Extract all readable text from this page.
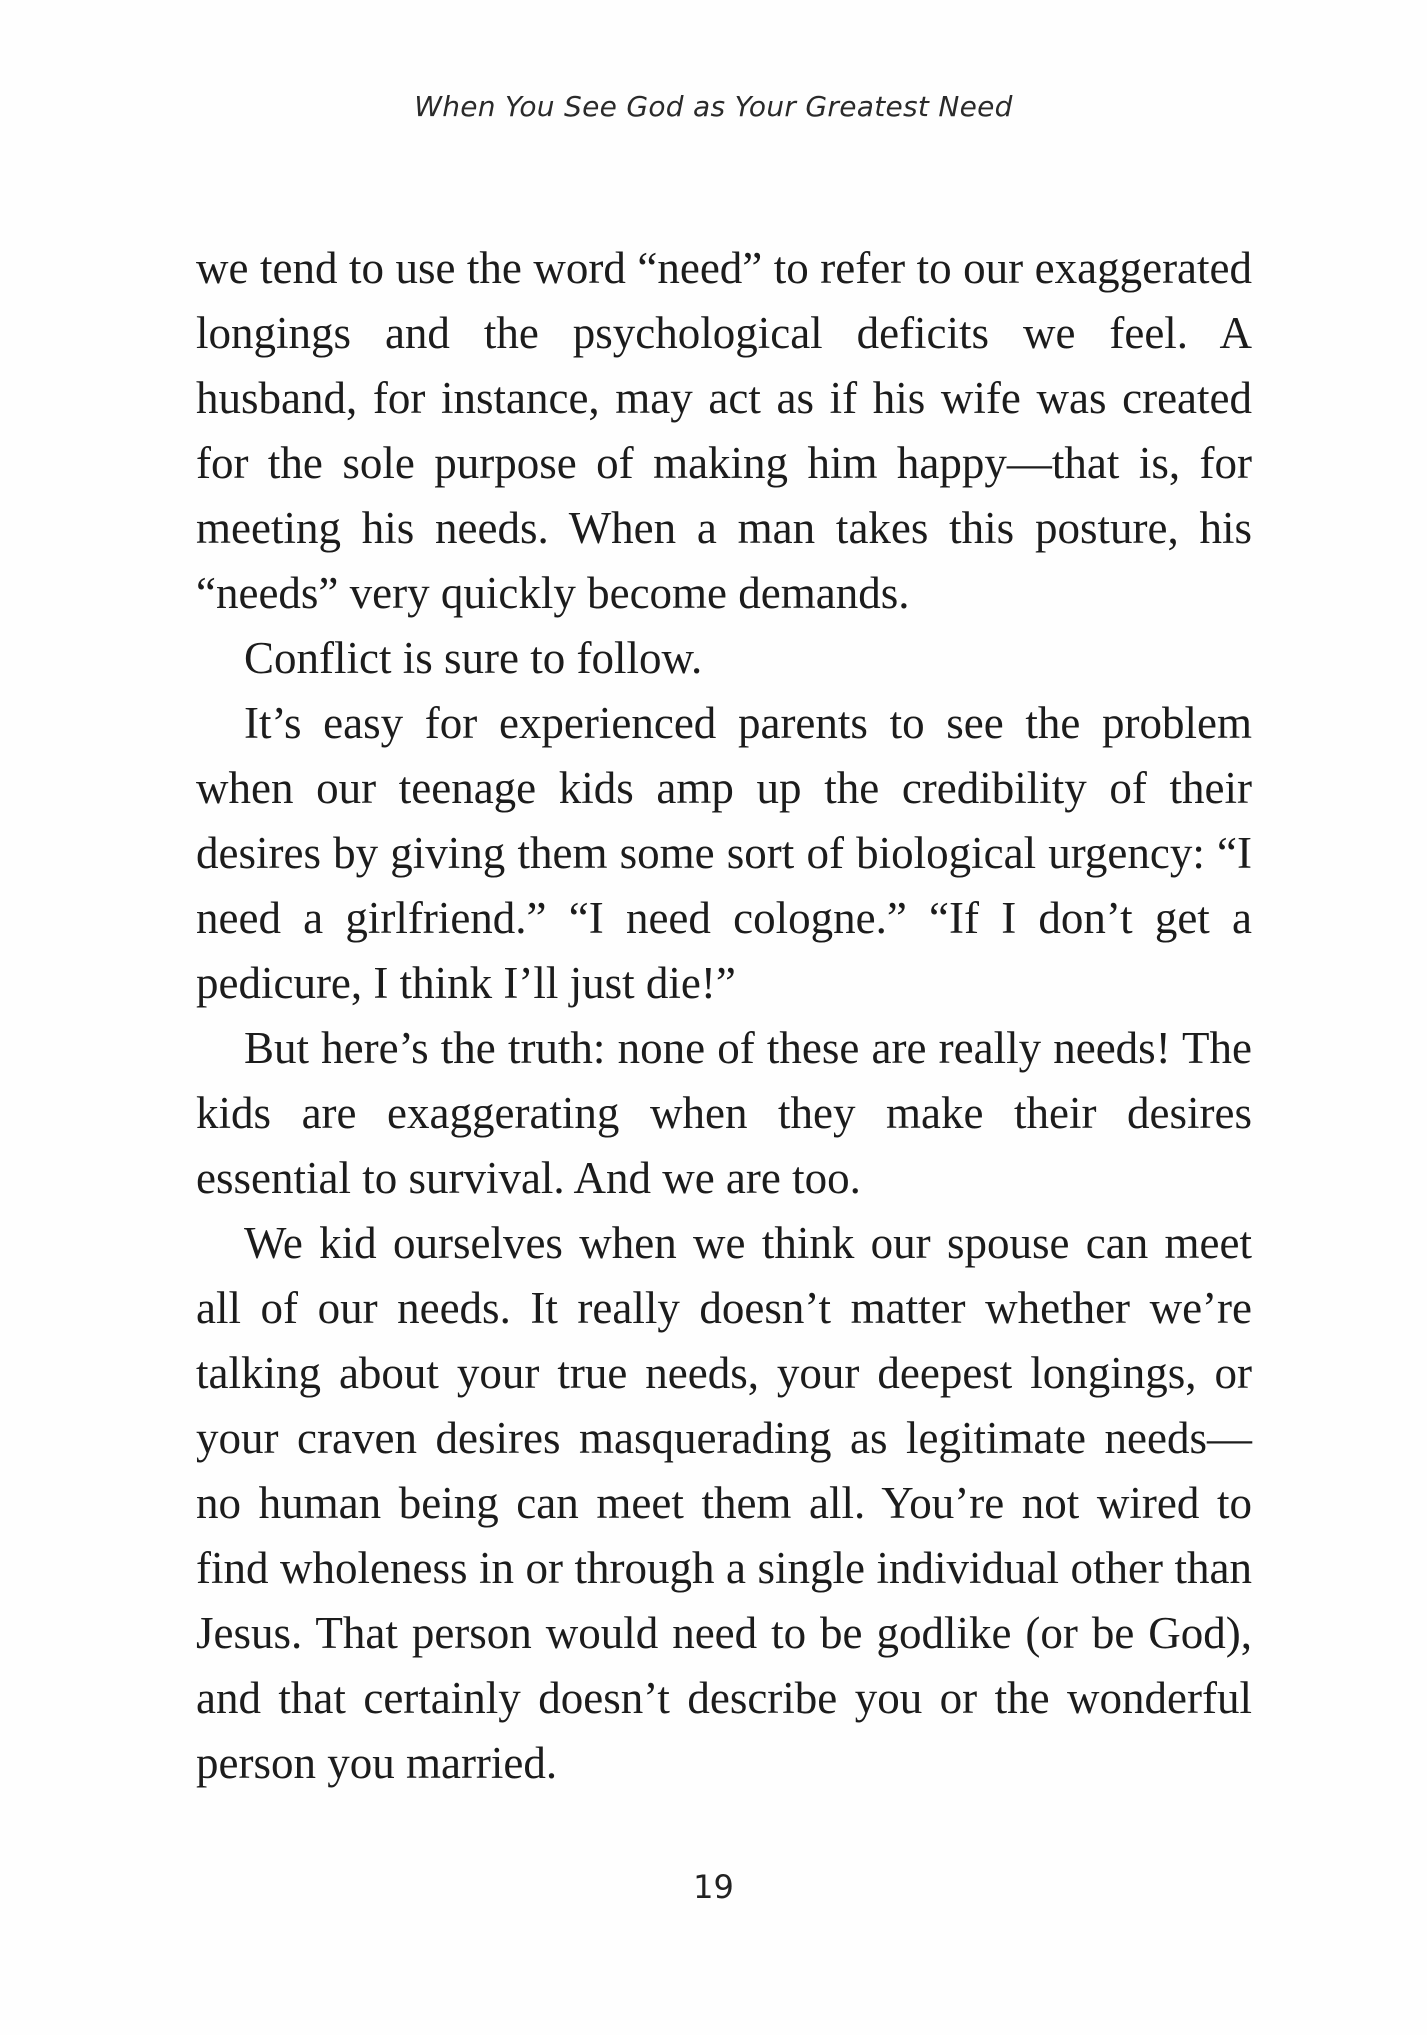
When You See God as Your Greatest Need

we tend to use the word “need” to refer to our exaggerated longings and the psychological deficits we feel. A husband, for instance, may act as if his wife was created for the sole purpose of making him happy—that is, for meeting his needs. When a man takes this posture, his “needs” very quickly become demands.

Conflict is sure to follow.

It’s easy for experienced parents to see the problem when our teenage kids amp up the credibility of their desires by giving them some sort of biological urgency: “I need a girlfriend.” “I need cologne.” “If I don’t get a pedicure, I think I’ll just die!”

But here’s the truth: none of these are really needs! The kids are exaggerating when they make their desires essential to survival. And we are too.

We kid ourselves when we think our spouse can meet all of our needs. It really doesn’t matter whether we’re talking about your true needs, your deepest longings, or your craven desires masquerading as legitimate needs—no human being can meet them all. You’re not wired to find wholeness in or through a single individual other than Jesus. That person would need to be godlike (or be God), and that certainly doesn’t describe you or the wonderful person you married.

19
